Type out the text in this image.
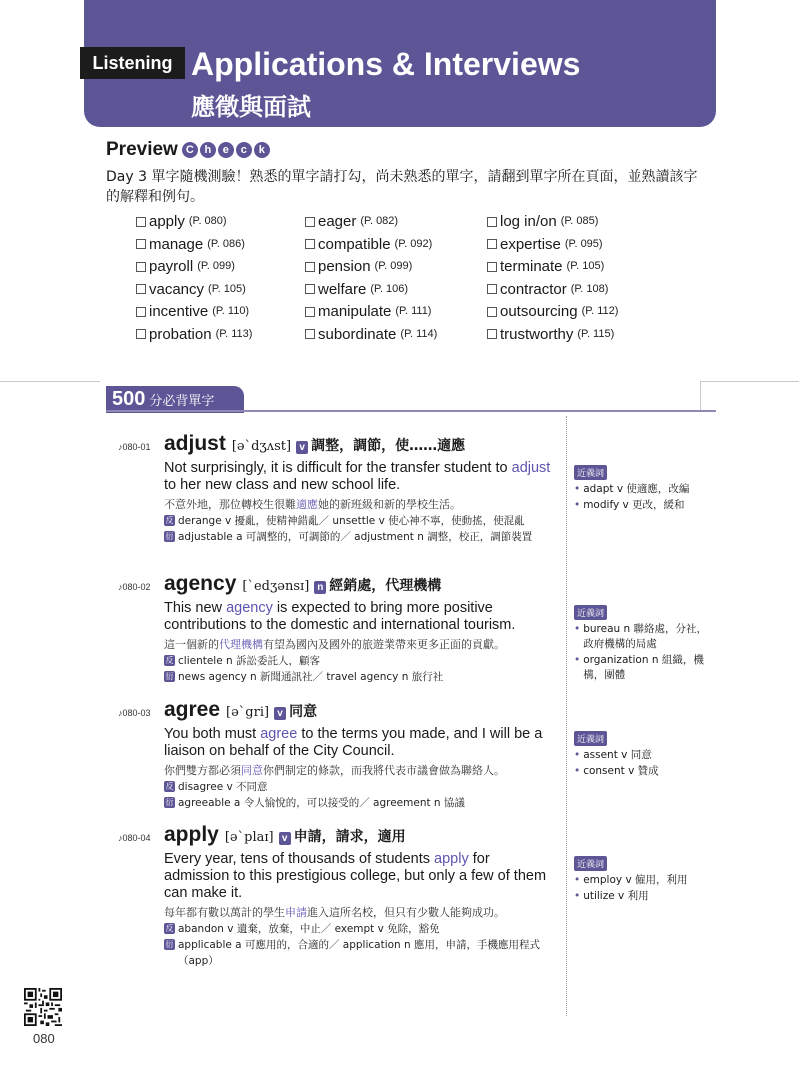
Listening Applications & Interviews
應徵與面試
Preview C h	e	c	k
Day 3 單字隨機測驗！熟悉的單字請打勾，尚未熟悉的單字，請翻到單字所在頁面，並熟讀該字的解釋和例句。
apply (P. 080)	eager (P. 082)	log in/on (P. 085)
manage (P. 086)	compatible (P. 092)	expertise (P. 095)
payroll (P. 099)	pension (P. 099)	terminate (P. 105)
vacancy (P. 105)	welfare (P. 106)	contractor (P. 108)
incentive (P. 110)	manipulate (P. 111)	outsourcing (P. 112)
probation (P. 113)	subordinate (P. 114)	trustworthy (P. 115)
500 分必背單字
♪080-01 adjust [əˋdʒʌst] v 調整，調節，使……適應
Not surprisingly, it is difficult for the transfer student to adjust to her new class and new school life.
不意外地，那位轉校生很難適應她的新班級和新的學校生活。
反 derange v 擾亂，使精神錯亂／ unsettle v 使心神不寧，使動搖，使混亂
衍 adjustable a 可調整的，可調節的／ adjustment n 調整，校正，調節裝置
近義詞
• adapt v 使適應，改編
• modify v 更改，緩和
♪080-02 agency [ˋedʒənsɪ] n 經銷處，代理機構
This new agency is expected to bring more positive contributions to the domestic and international tourism.
這一個新的代理機構有望為國內及國外的旅遊業帶來更多正面的貢獻。
反 clientele n 訴訟委託人，顧客
衍 news agency n 新聞通訊社／ travel agency n 旅行社
近義詞
• bureau n 聯絡處，分社，政府機構的局處
• organization n 組織，機構，團體
♪080-03 agree [əˋgri] v 同意
You both must agree to the terms you made, and I will be a liaison on behalf of the City Council.
你們雙方都必須同意你們制定的條款，而我將代表市議會做為聯絡人。
反 disagree v 不同意
衍 agreeable a 令人愉悅的，可以接受的／ agreement n 協議
近義詞
• assent v 同意
• consent v 贊成
♪080-04 apply [əˋplaɪ] v 申請，請求，適用
Every year, tens of thousands of students apply for admission to this prestigious college, but only a few of them can make it.
每年都有數以萬計的學生申請進入這所名校，但只有少數人能夠成功。
反 abandon v 遺棄，放棄，中止／ exempt v 免除，豁免
衍 applicable a 可應用的，合適的／ application n 應用，申請，手機應用程式（app）
近義詞
• employ v 僱用，利用
• utilize v 利用
080
